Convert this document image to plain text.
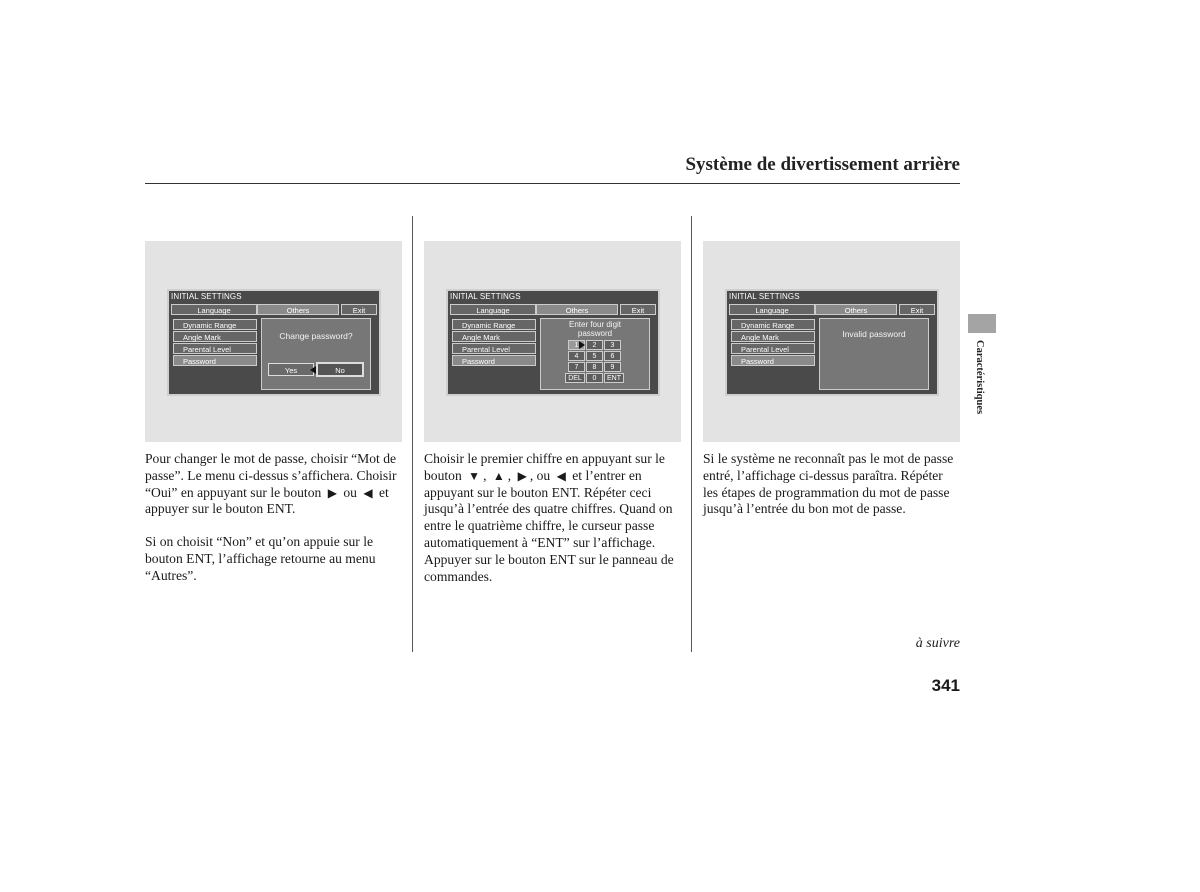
Système de divertissement arrière
INITIAL SETTINGS
Language	Others	Exit
Dynamic Range
Angle Mark
Parental Level
Password
Change password?
Yes	No
INITIAL SETTINGS
Language	Others	Exit
Dynamic Range
Angle Mark
Parental Level
Password
Enter four digit
password
1	2	3
4	5	6
7	8	9
DEL	0	ENT
INITIAL SETTINGS
Language	Others	Exit
Dynamic Range
Angle Mark
Parental Level
Password
Invalid password

Pour changer le mot de passe, choisir “Mot de passe”. Le menu ci-dessus s’affichera. Choisir “Oui” en appuyant sur le bouton ▶ ou ◀ et appuyer sur le bouton ENT.

Si on choisit “Non” et qu’on appuie sur le bouton ENT, l’affichage retourne au menu “Autres”.

Choisir le premier chiffre en appuyant sur le bouton ▼ , ▲ , ▶ , ou ◀ et l’entrer en appuyant sur le bouton ENT. Répéter ceci jusqu’à l’entrée des quatre chiffres. Quand on entre le quatrième chiffre, le curseur passe automatiquement à “ENT” sur l’affichage. Appuyer sur le bouton ENT sur le panneau de commandes.

Si le système ne reconnaît pas le mot de passe entré, l’affichage ci-dessus paraîtra. Répéter les étapes de programmation du mot de passe jusqu’à l’entrée du bon mot de passe.

Caractéristiques
à suivre
341
